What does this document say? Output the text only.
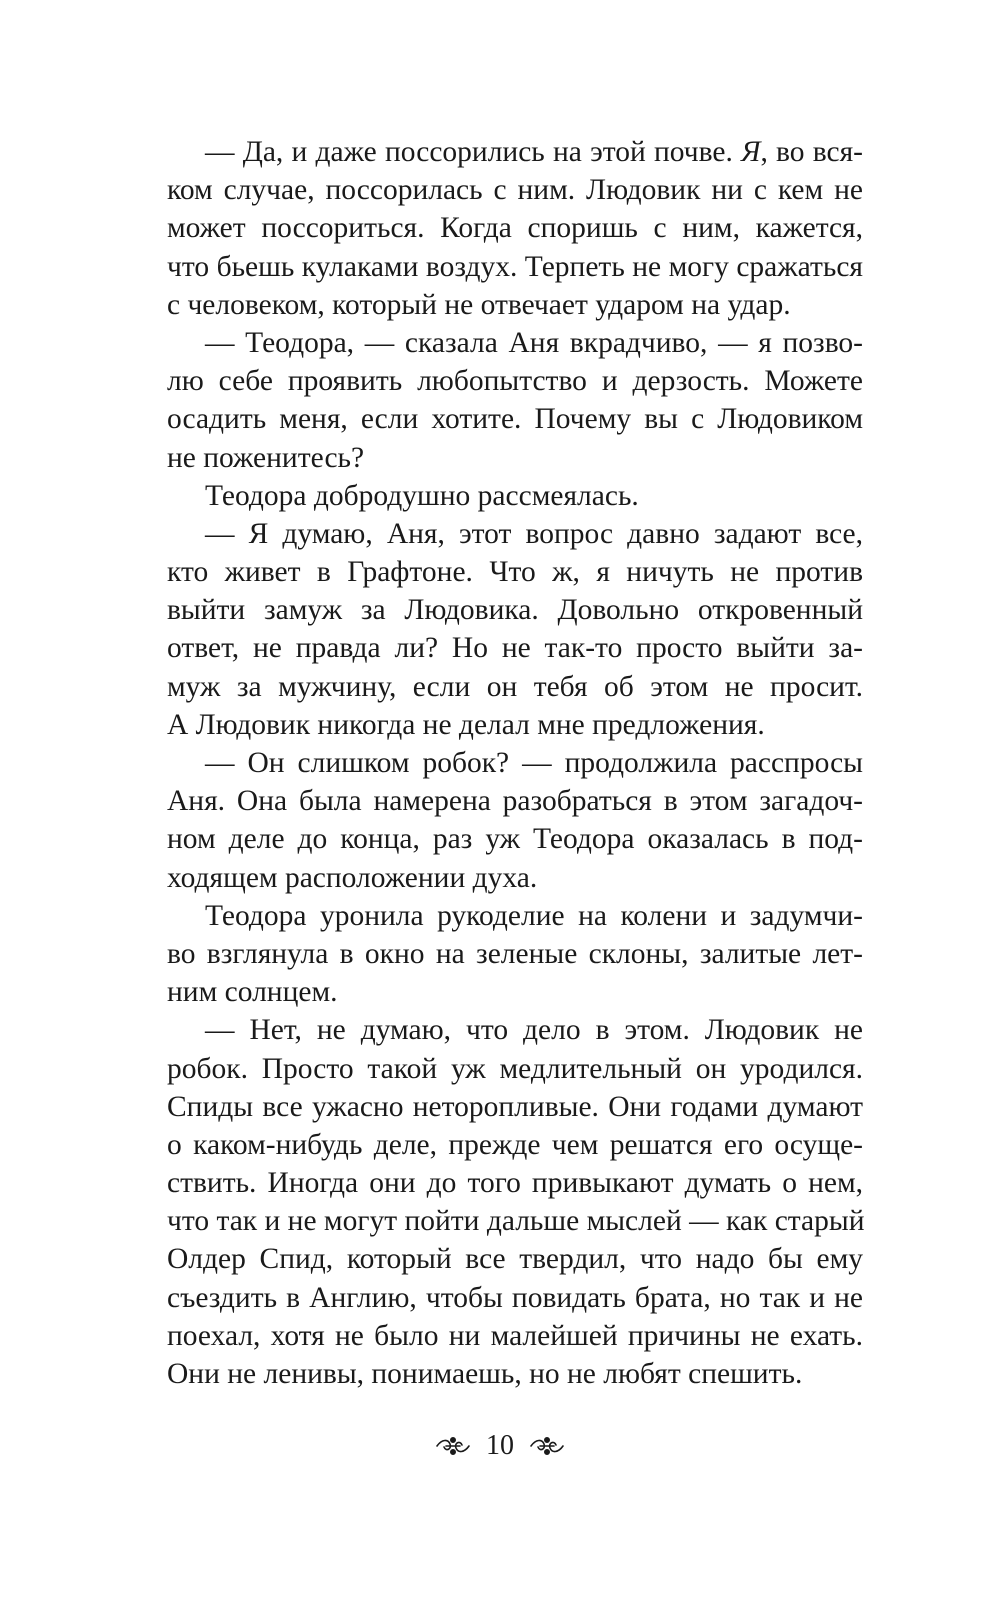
— Да, и даже поссорились на этой почве. Я, во вся-
ком случае, поссорилась с ним. Людовик ни с кем не
может поссориться. Когда споришь с ним, кажется,
что бьешь кулаками воздух. Терпеть не могу сражаться
с человеком, который не отвечает ударом на удар.
— Теодора, — сказала Аня вкрадчиво, — я позво-
лю себе проявить любопытство и дерзость. Можете
осадить меня, если хотите. Почему вы с Людовиком
не поженитесь?
Теодора добродушно рассмеялась.
— Я думаю, Аня, этот вопрос давно задают все,
кто живет в Графтоне. Что ж, я ничуть не против
выйти замуж за Людовика. Довольно откровенный
ответ, не правда ли? Но не так-то просто выйти за-
муж за мужчину, если он тебя об этом не просит.
А Людовик никогда не делал мне предложения.
— Он слишком робок? — продолжила расспросы
Аня. Она была намерена разобраться в этом загадоч-
ном деле до конца, раз уж Теодора оказалась в под-
ходящем расположении духа.
Теодора уронила рукоделие на колени и задумчи-
во взглянула в окно на зеленые склоны, залитые лет-
ним солнцем.
— Нет, не думаю, что дело в этом. Людовик не
робок. Просто такой уж медлительный он уродился.
Спиды все ужасно неторопливые. Они годами думают
о каком-нибудь деле, прежде чем решатся его осуще-
ствить. Иногда они до того привыкают думать о нем,
что так и не могут пойти дальше мыслей — как старый
Олдер Спид, который все твердил, что надо бы ему
съездить в Англию, чтобы повидать брата, но так и не
поехал, хотя не было ни малейшей причины не ехать.
Они не ленивы, понимаешь, но не любят спешить.
10
